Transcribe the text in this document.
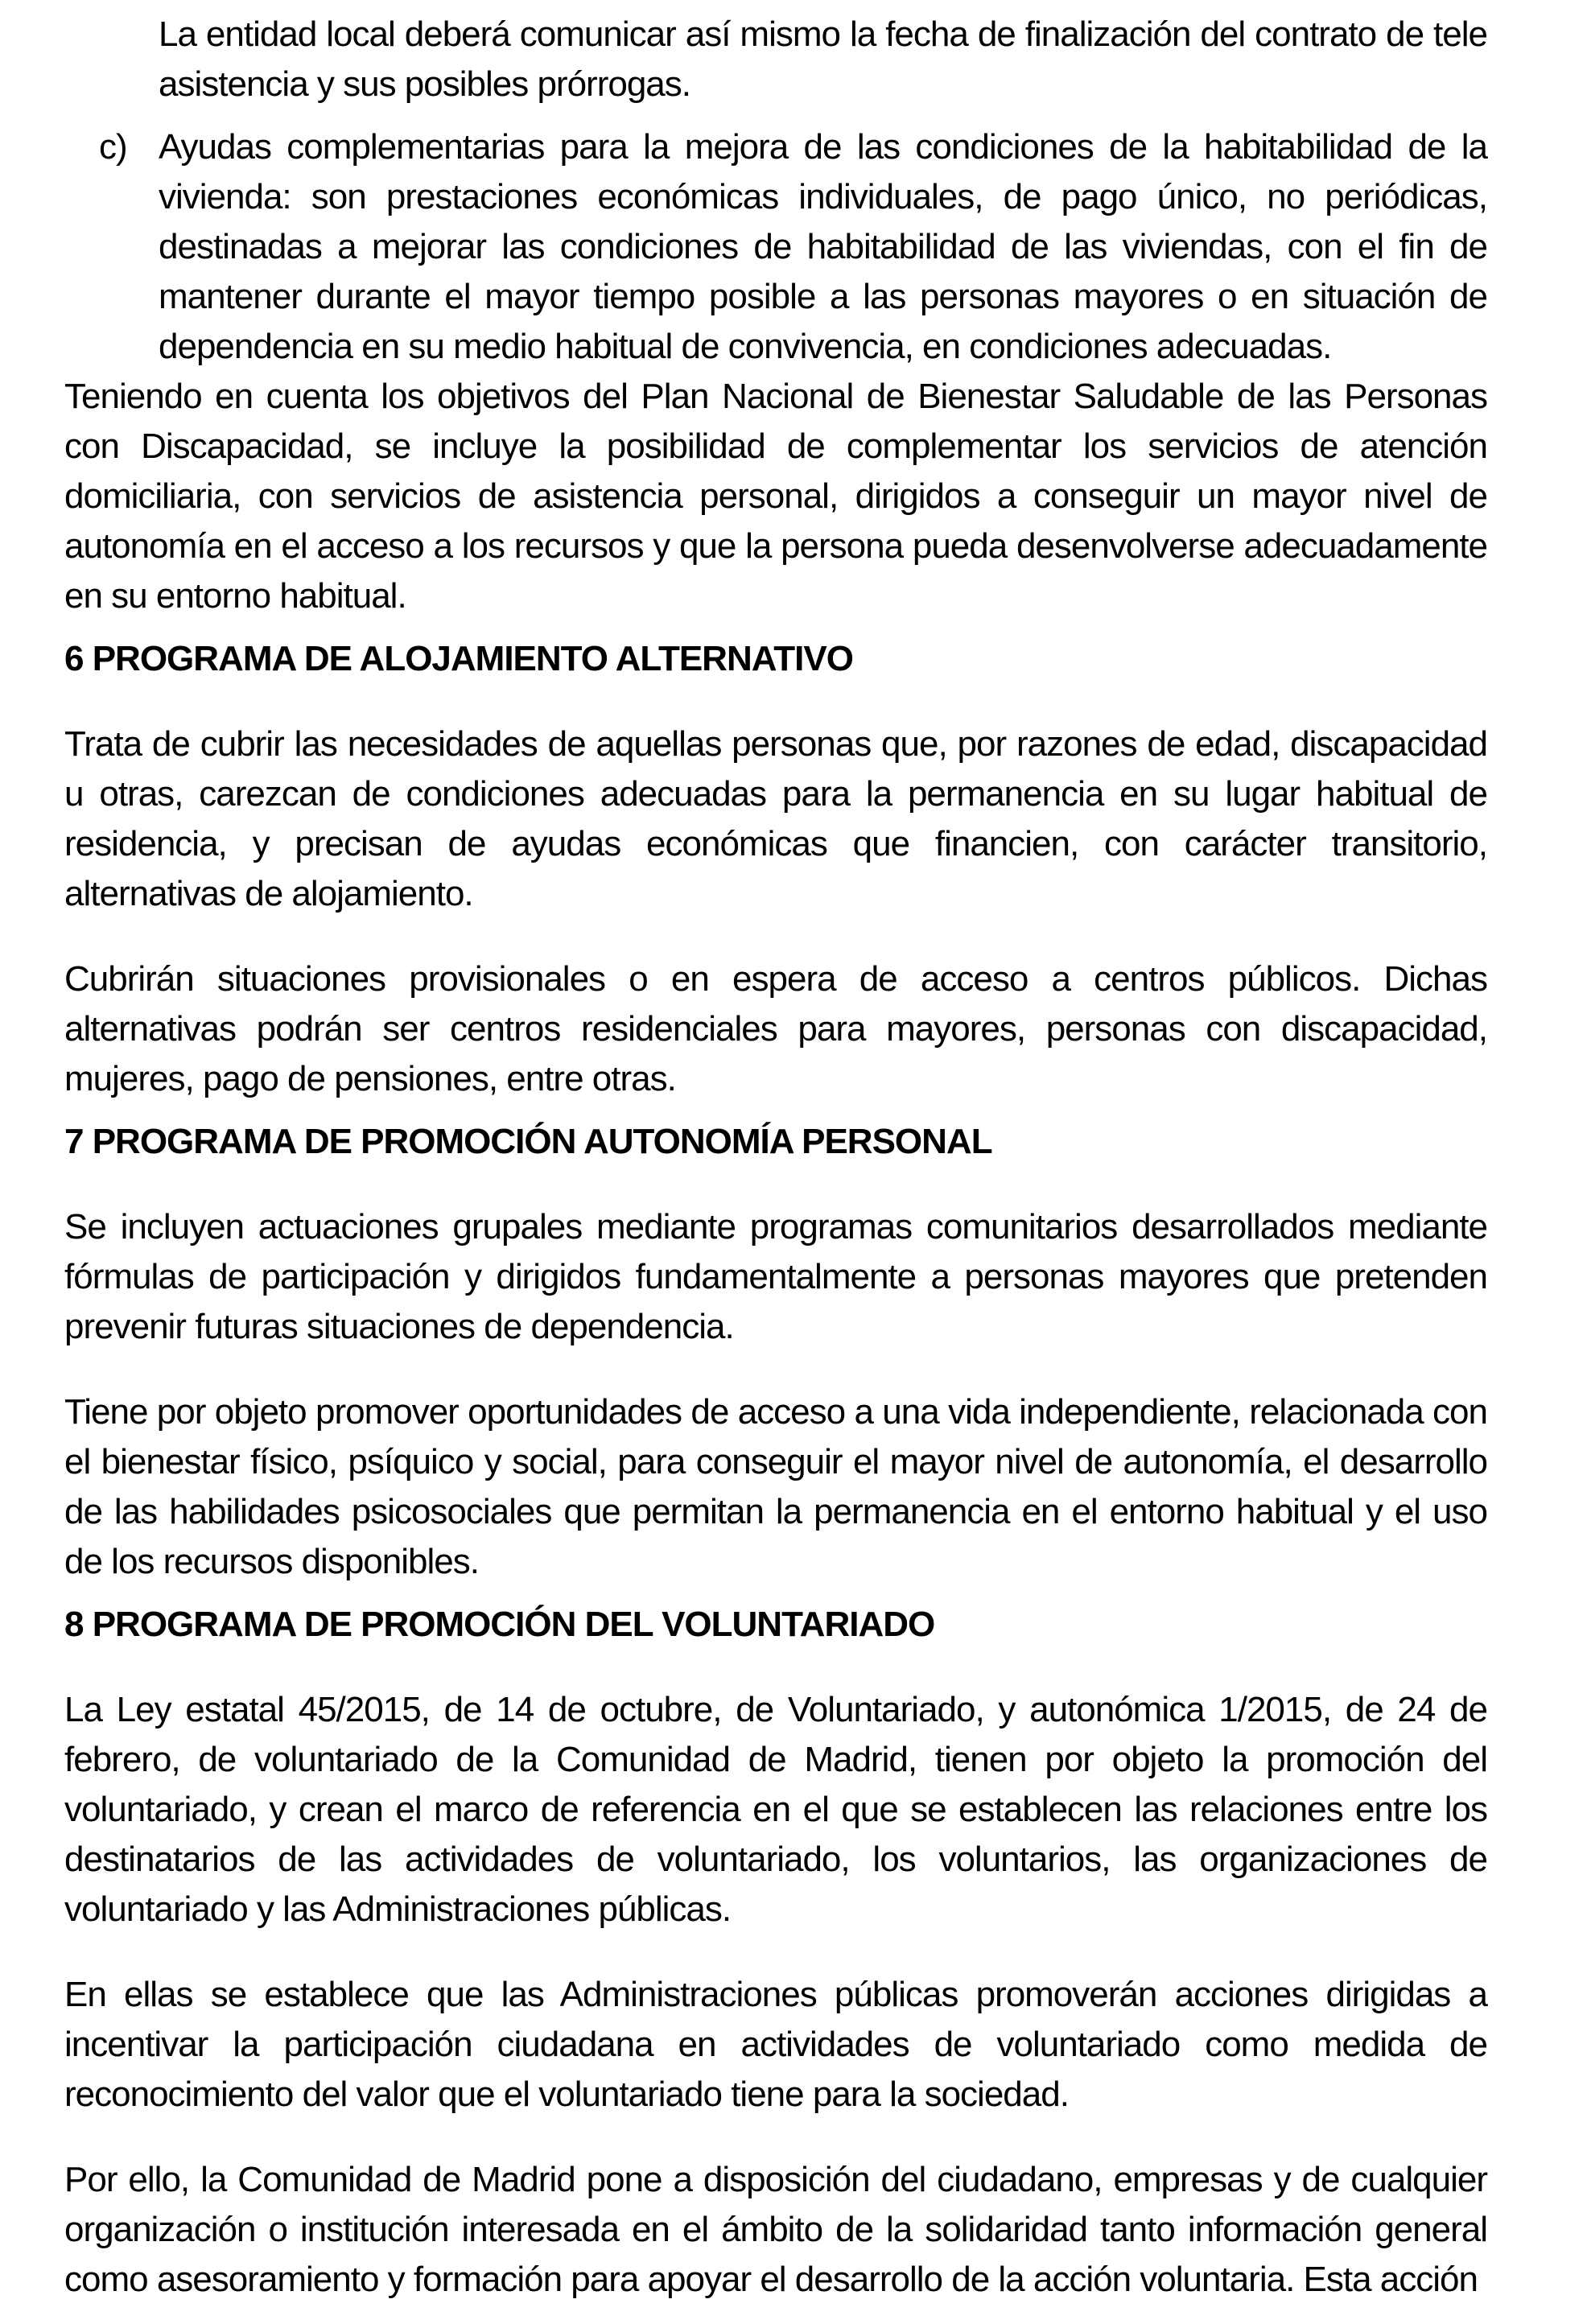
La entidad local deberá comunicar así mismo la fecha de finalización del contrato de tele asistencia y sus posibles prórrogas.

c) Ayudas complementarias para la mejora de las condiciones de la habitabilidad de la vivienda: son prestaciones económicas individuales, de pago único, no periódicas, destinadas a mejorar las condiciones de habitabilidad de las viviendas, con el fin de mantener durante el mayor tiempo posible a las personas mayores o en situación de dependencia en su medio habitual de convivencia, en condiciones adecuadas.

Teniendo en cuenta los objetivos del Plan Nacional de Bienestar Saludable de las Personas con Discapacidad, se incluye la posibilidad de complementar los servicios de atención domiciliaria, con servicios de asistencia personal, dirigidos a conseguir un mayor nivel de autonomía en el acceso a los recursos y que la persona pueda desenvolverse adecuadamente en su entorno habitual.

6 PROGRAMA DE ALOJAMIENTO ALTERNATIVO

Trata de cubrir las necesidades de aquellas personas que, por razones de edad, discapacidad u otras, carezcan de condiciones adecuadas para la permanencia en su lugar habitual de residencia, y precisan de ayudas económicas que financien, con carácter transitorio, alternativas de alojamiento.

Cubrirán situaciones provisionales o en espera de acceso a centros públicos. Dichas alternativas podrán ser centros residenciales para mayores, personas con discapacidad, mujeres, pago de pensiones, entre otras.

7 PROGRAMA DE PROMOCIÓN AUTONOMÍA PERSONAL

Se incluyen actuaciones grupales mediante programas comunitarios desarrollados mediante fórmulas de participación y dirigidos fundamentalmente a personas mayores que pretenden prevenir futuras situaciones de dependencia.

Tiene por objeto promover oportunidades de acceso a una vida independiente, relacionada con el bienestar físico, psíquico y social, para conseguir el mayor nivel de autonomía, el desarrollo de las habilidades psicosociales que permitan la permanencia en el entorno habitual y el uso de los recursos disponibles.

8 PROGRAMA DE PROMOCIÓN DEL VOLUNTARIADO

La Ley estatal 45/2015, de 14 de octubre, de Voluntariado, y autonómica 1/2015, de 24 de febrero, de voluntariado de la Comunidad de Madrid, tienen por objeto la promoción del voluntariado, y crean el marco de referencia en el que se establecen las relaciones entre los destinatarios de las actividades de voluntariado, los voluntarios, las organizaciones de voluntariado y las Administraciones públicas.

En ellas se establece que las Administraciones públicas promoverán acciones dirigidas a incentivar la participación ciudadana en actividades de voluntariado como medida de reconocimiento del valor que el voluntariado tiene para la sociedad.

Por ello, la Comunidad de Madrid pone a disposición del ciudadano, empresas y de cualquier organización o institución interesada en el ámbito de la solidaridad tanto información general como asesoramiento y formación para apoyar el desarrollo de la acción voluntaria. Esta acción
